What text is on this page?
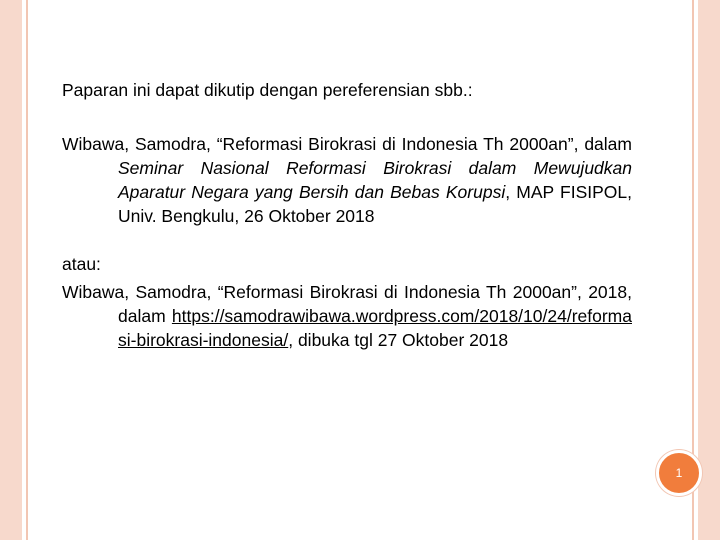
Paparan ini dapat dikutip dengan pereferensian sbb.:

Wibawa, Samodra, “Reformasi Birokrasi di Indonesia Th 2000an”, dalam Seminar Nasional Reformasi Birokrasi dalam Mewujudkan Aparatur Negara yang Bersih dan Bebas Korupsi, MAP FISIPOL, Univ. Bengkulu, 26 Oktober 2018

atau:

Wibawa, Samodra, “Reformasi Birokrasi di Indonesia Th 2000an”, 2018, dalam https://samodrawibawa.wordpress.com/2018/10/24/reformasi-birokrasi-indonesia/, dibuka tgl 27 Oktober 2018

1
